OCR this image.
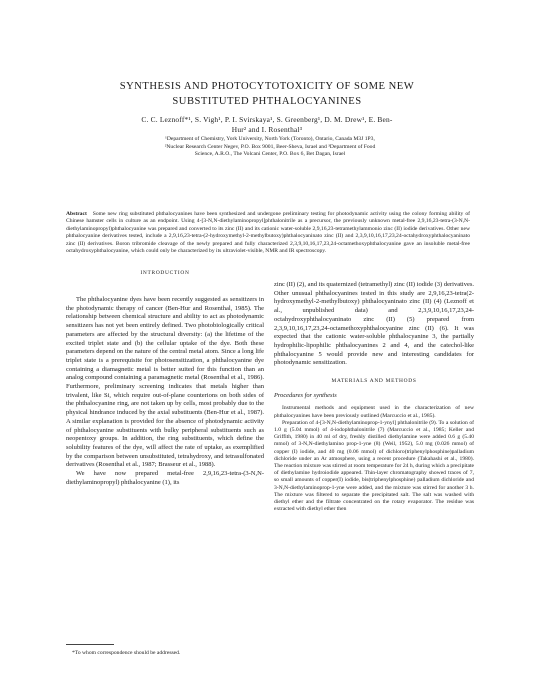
SYNTHESIS AND PHOTOCYTOTOXICITY OF SOME NEW
SUBSTITUTED PHTHALOCYANINES
C. C. Leznoff*¹, S. Vigh¹, P. I. Svirskaya¹, S. Greenberg¹, D. M. Drew¹, E. Ben-
Hur² and I. Rosenthal³
¹Department of Chemistry, York University, North York (Toronto), Ontario, Canada M3J 1P3,
²Nuclear Research Center Negev, P.O. Box 9001, Beer-Sheva, Israel and ³Department of Food
Science, A.R.O., The Volcani Center, P.O. Box 6, Bet Dagan, Israel
Abstract Some new ring substituted phthalocyanines have been synthesized and undergone preliminary testing for photodynamic activity using the colony forming ability of Chinese hamster cells in culture as an endpoint. Using 4-[3-N,N-diethylaminopropyl]phthalonitrile as a precursor, the previously unknown metal-free 2,9,16,23-tetra-(3-N,N-diethylaminopropyl)phthalocyanine was prepared and converted to its zinc (II) and its cationic water-soluble 2,9,16,23-tetramethylammonio zinc (II) iodide derivatives. Other new phthalocyanine derivatives tested, include a 2,9,16,23-tetra-(2-hydroxymethyl-2-methylbutoxy)phthalocyaninato zinc (II) and 2,3,9,10,16,17,23,24-octahydroxyphthalocyaninato zinc (II) derivatives. Boron tribromide cleavage of the newly prepared and fully characterized 2,3,9,10,16,17,23,24-octamethoxyphthalocyanine gave an insoluble metal-free octahydroxyphthalocyanine, which could only be characterized by its ultraviolet-visible, NMR and IR spectroscopy.
INTRODUCTION

The phthalocyanine dyes have been recently suggested as sensitizers in the photodynamic therapy of cancer (Ben-Hur and Rosenthal, 1985). The relationship between chemical structure and ability to act as photodynamic sensitizers has not yet been entirely defined. Two photobiologically critical parameters are affected by the structural diversity: (a) the lifetime of the excited triplet state and (b) the cellular uptake of the dye. Both these parameters depend on the nature of the central metal atom. Since a long life triplet state is a prerequisite for photosensitization, a phthalocyanine dye containing a diamagnetic metal is better suited for this function than an analog compound containing a paramagnetic metal (Rosenthal et al., 1986). Furthermore, preliminary screening indicates that metals higher than trivalent, like Si, which require out-of-plane counterions on both sides of the phthalocyanine ring, are not taken up by cells, most probably due to the physical hindrance induced by the axial substituents (Ben-Hur et al., 1987). A similar explanation is provided for the absence of photodynamic activity of phthalocyanine substituents with bulky peripheral substituents such as neopentoxy groups. In addition, the ring substituents, which define the solubility features of the dye, will affect the rate of uptake, as exemplified by the comparison between unsubstituted, tetrahydroxy, and tetrasulfonated derivatives (Rosenthal et al., 1987; Brasseur et al., 1988).

We have now prepared metal-free 2,9,16,23-tetra-(3-N,N-diethylaminopropyl) phthalocyanine (1), its

zinc (II) (2), and its quaternized (tetramethyl) zinc (II) iodide (3) derivatives. Other unusual phthalocyanines tested in this study are 2,9,16,23-tetra(2-hydroxymethyl-2-methylbutoxy) phthalocyaninato zinc (II) (4) (Leznoff et al., unpublished data) and 2,3,9,10,16,17,23,24-octahydroxyphthalocyaninato zinc (II) (5) prepared from 2,3,9,10,16,17,23,24-octamethoxyphthalocyanine zinc (II) (6). It was expected that the cationic water-soluble phthalocyanine 3, the partially hydrophilic-lipophilic phthalocyanines 2 and 4, and the catechol-like phthalocyanine 5 would provide new and interesting candidates for photodynamic sensitization.

MATERIALS AND METHODS
Procedures for synthesis

Instrumental methods and equipment used in the characterization of new phthalocyanines have been previously outlined (Marcuccio et al., 1985).

Preparation of 4-[3-N,N-diethylaminoprop-1-ynyl] phthalonitrile (9). To a solution of 1.0 g (5.04 mmol) of 4-iodophthalonitrile (7) (Marcuccio et al., 1985; Keller and Griffith, 1980) in 40 ml of dry, freshly distilled diethylamine were added 0.6 g (5.40 mmol) of 3-N,N-diethylamino prop-1-yne (8) (Weil, 1952), 5.0 mg (0.026 mmol) of copper (I) iodide, and 40 mg (0.06 mmol) of dichloro(triphenylphosphine)palladium dichloride under an Ar atmosphere, using a recent procedure (Takahashi et al., 1980). The reaction mixture was stirred at room temperature for 24 h, during which a precipitate of diethylamine hydroiodide appeared. Thin-layer chromatography showed traces of 7, so small amounts of copper(I) iodide, bis(triphenylphosphine) palladium dichloride and 3-N,N-diethylaminoprop-1-yne were added, and the mixture was stirred for another 3 h. The mixture was filtered to separate the precipitated salt. The salt was washed with diethyl ether and the filtrate concentrated on the rotary evaporator. The residue was extracted with diethyl ether then

*To whom correspondence should be addressed.
